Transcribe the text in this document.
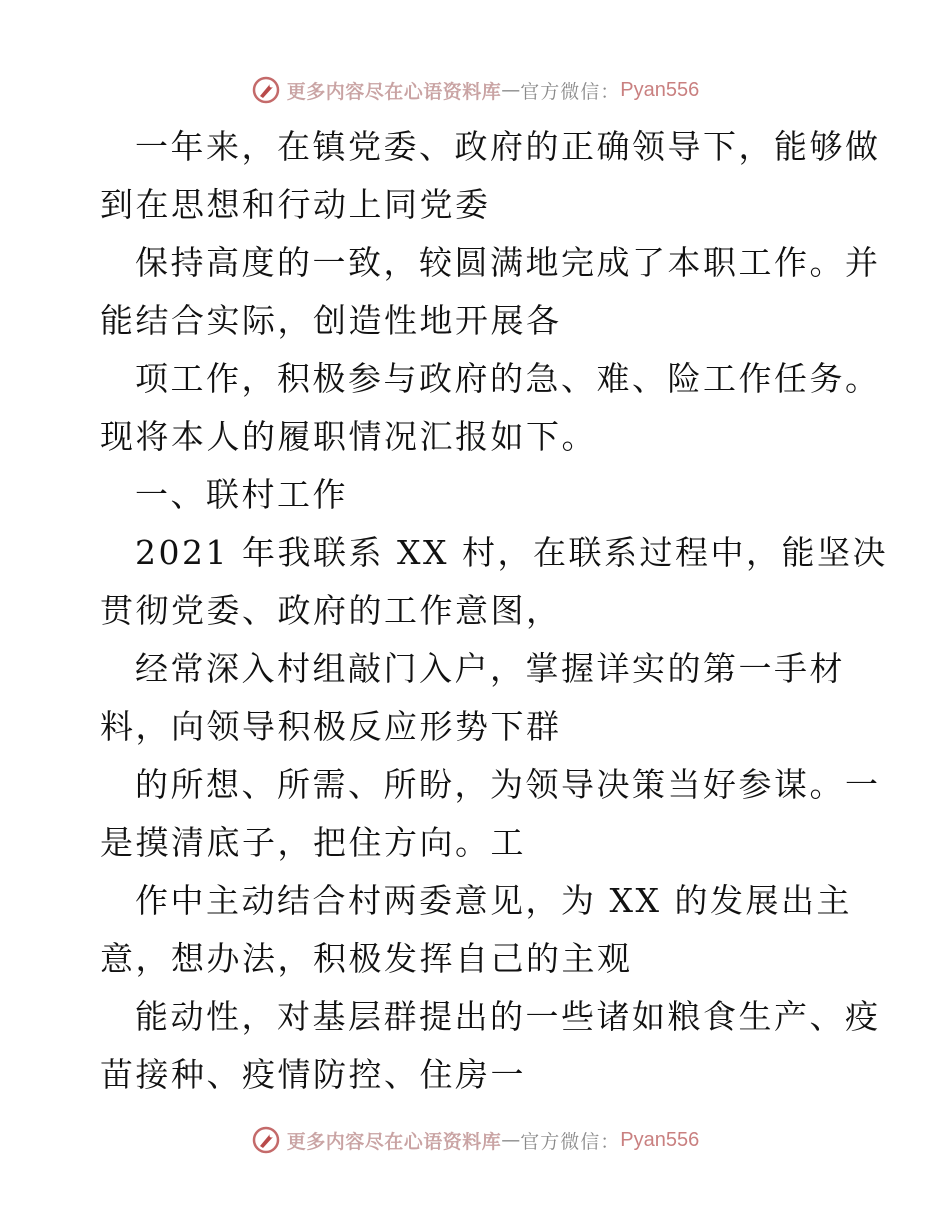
更多内容尽在心语资料库 — 官方微信： Pyan556
一年来，在镇党委、政府的正确领导下，能够做
到在思想和行动上同党委
保持高度的一致，较圆满地完成了本职工作。并
能结合实际，创造性地开展各
项工作，积极参与政府的急、难、险工作任务。
现将本人的履职情况汇报如下。
一、联村工作
2021 年我联系 XX 村，在联系过程中，能坚决
贯彻党委、政府的工作意图，
经常深入村组敲门入户，掌握详实的第一手材
料，向领导积极反应形势下群
的所想、所需、所盼，为领导决策当好参谋。一
是摸清底子，把住方向。工
作中主动结合村两委意见，为 XX 的发展出主
意，想办法，积极发挥自己的主观
能动性，对基层群提出的一些诸如粮食生产、疫
苗接种、疫情防控、住房一
更多内容尽在心语资料库 — 官方微信： Pyan556
